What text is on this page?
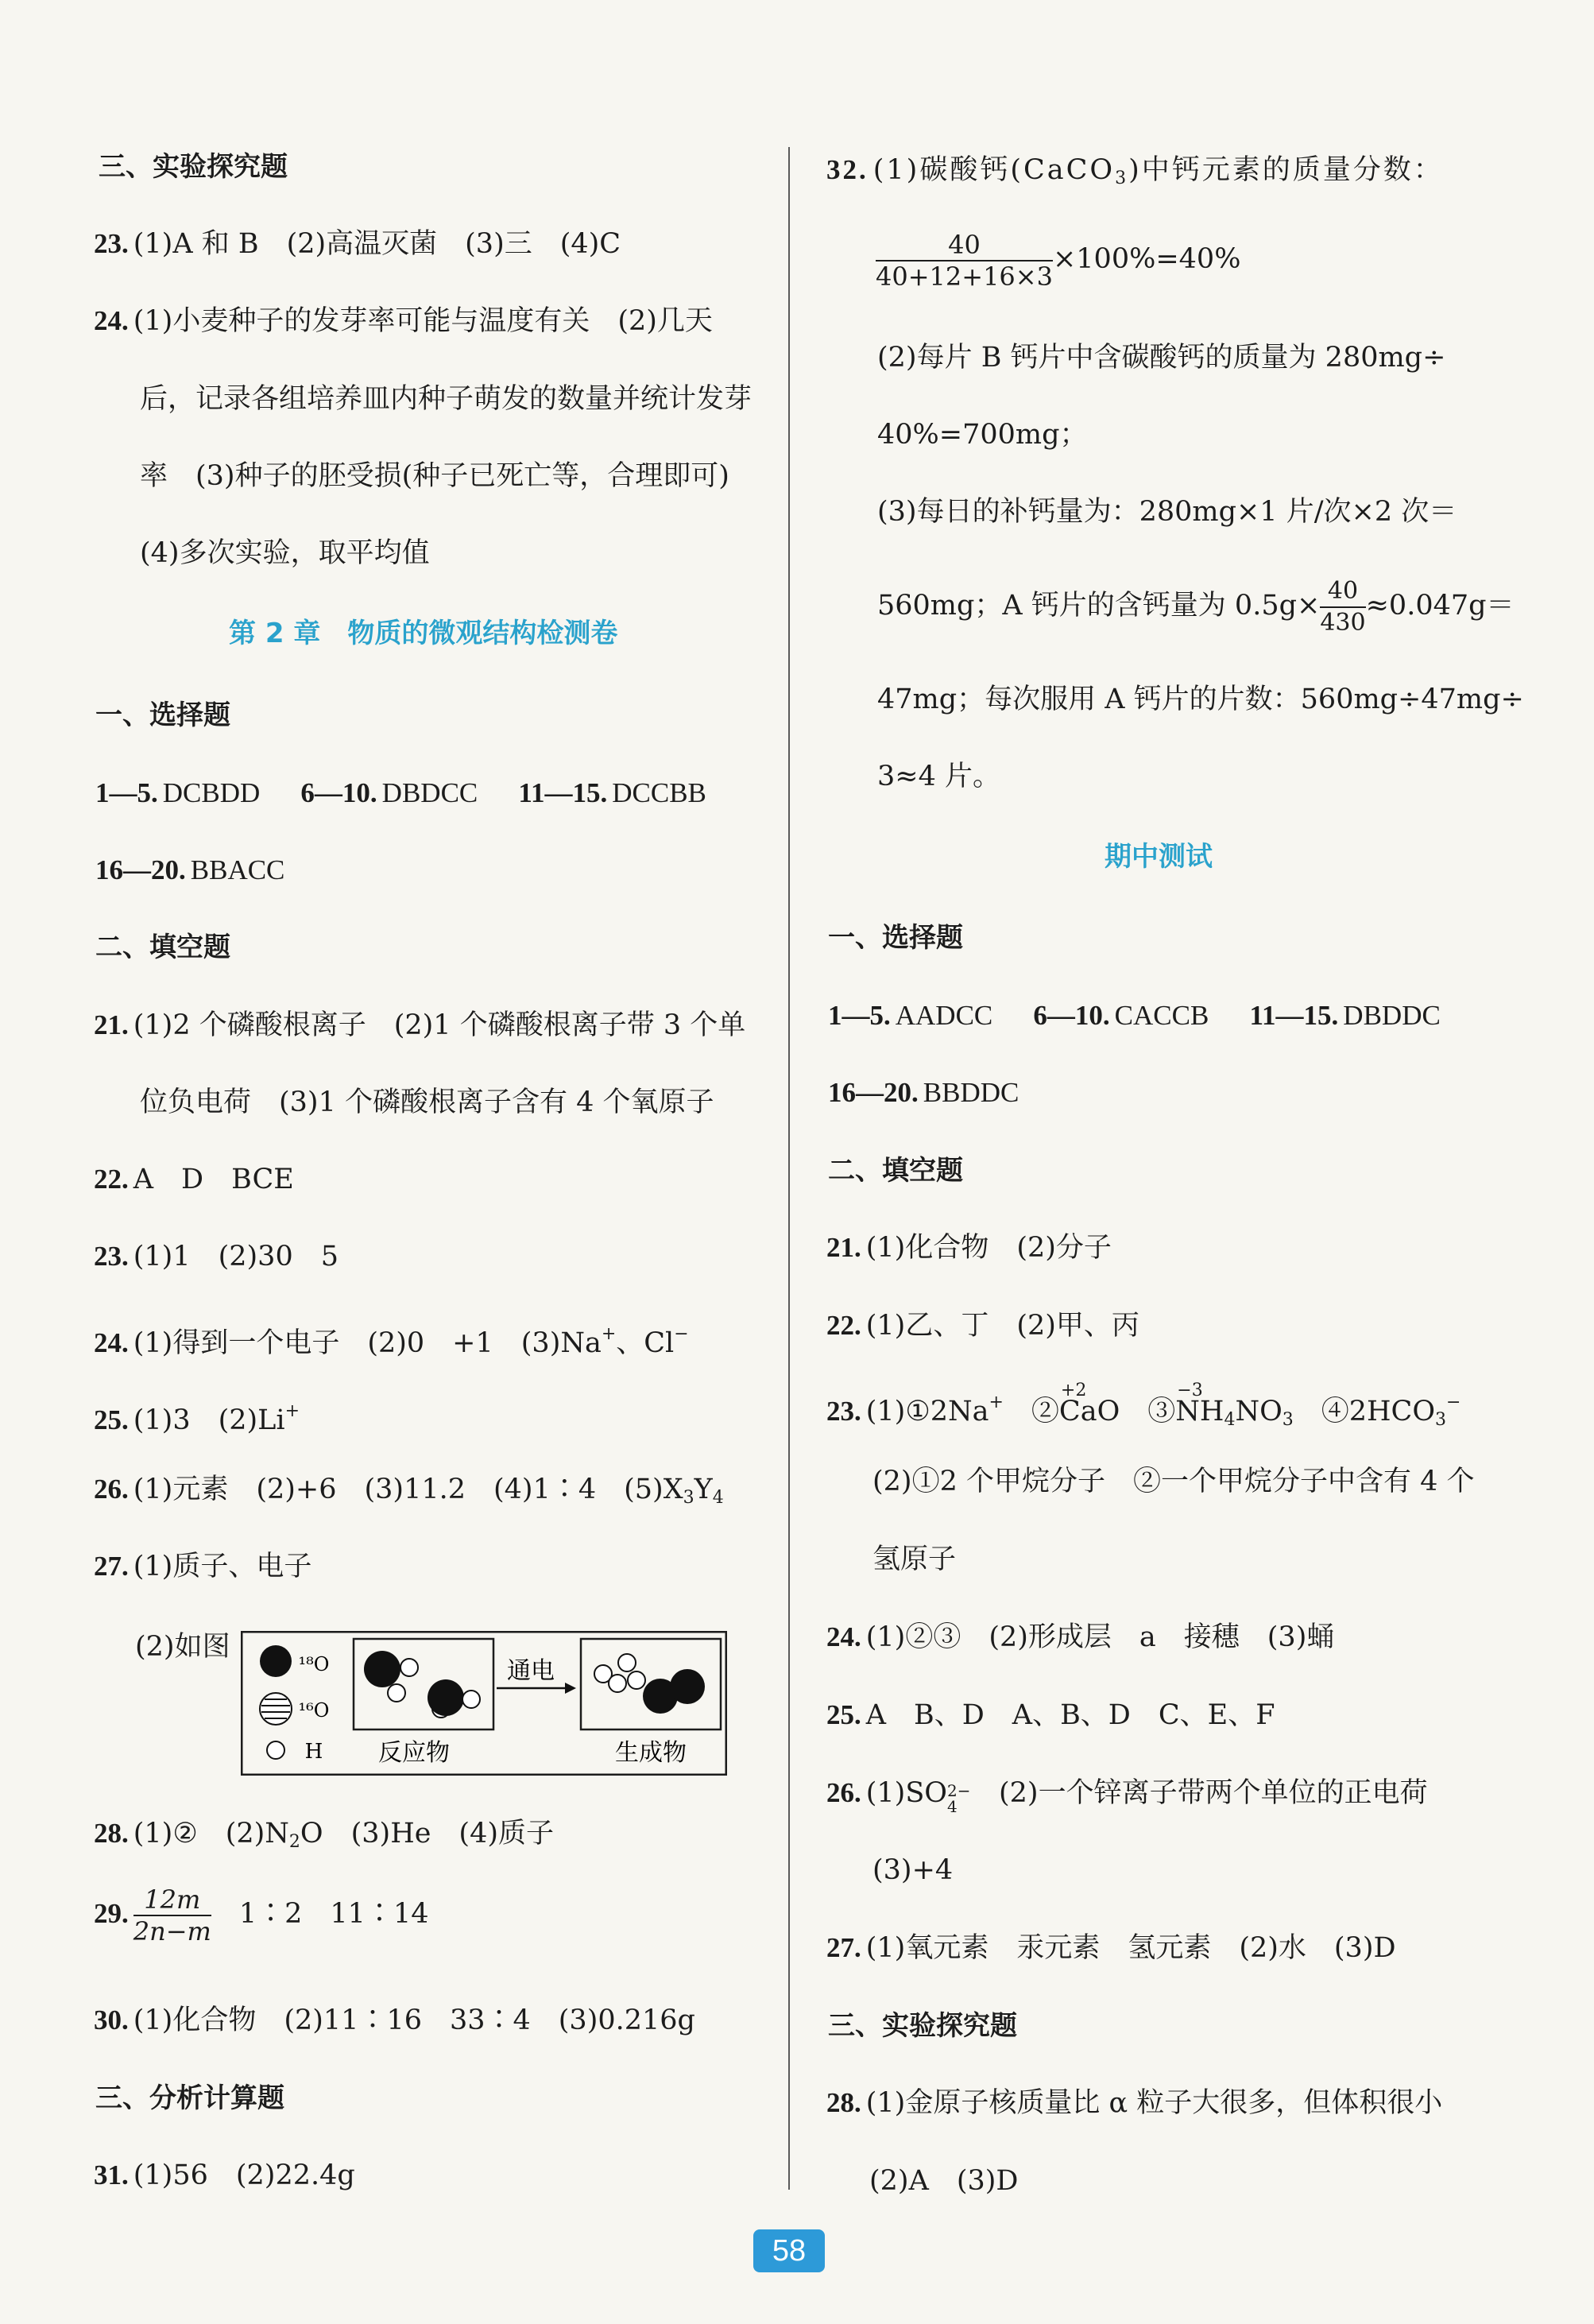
三、实验探究题
23. (1)A 和 B　(2)高温灭菌　(3)三　(4)C
24. (1)小麦种子的发芽率可能与温度有关　(2)几天
后，记录各组培养皿内种子萌发的数量并统计发芽
率　(3)种子的胚受损(种子已死亡等，合理即可)
(4)多次实验，取平均值
第 2 章　物质的微观结构检测卷
一、选择题
1—5. DCBDD 6—10. DBDCC 11—15. DCCBB
16—20. BBACC
二、填空题
21. (1)2 个磷酸根离子　(2)1 个磷酸根离子带 3 个单
位负电荷　(3)1 个磷酸根离子含有 4 个氧原子
22. A　D　BCE
23. (1)1　(2)30　5
24. (1)得到一个电子　(2)0　+1　(3)Na+、Cl−
25. (1)3　(2)Li+
26. (1)元素　(2)+6　(3)11.2　(4)1∶4　$(5)X_3Y_4$
27. (1)质子、电子
(2)如图
¹⁸O
¹⁶O
H 反应物
通电
生成物
28. (1)②　$(2)N_2O$　(3)He　(4)质子
29. $\frac{12m}{2n-m}$ 　1∶2　11∶14
30. (1)化合物　(2)11∶16　33∶4　(3)0.216g
三、分析计算题
31. (1)56　(2)22.4g
32. (1)碳酸钙(CaCO$_3$)中钙元素的质量分数：
$\frac{40}{40+12+16\times 3} \times 100\%=40\%$
(2)每片 B 钙片中含碳酸钙的质量为 280mg÷
40%=700mg；
(3)每日的补钙量为：280mg×1 片/次×2 次＝
560mg；A 钙片的含钙量为 $0.5g\times \frac{40}{430} \approx 0.047g=$
47mg；每次服用 A 钙片的片数：560mg÷47mg÷
3≈4 片。
期中测试
一、选择题
1—5. AADCC 6—10. CACCB 11—15. DBDDC
16—20. BBDDC
二、填空题
21. (1)化合物　(2)分子
22. (1)乙、丁　(2)甲、丙
23. (1)①2Na+　②
+2
CaO　③
−3
$NH_4NO_3$　$④2HCO_3^-$
(2)①2 个甲烷分子　②一个甲烷分子中含有 4 个
氢原子
24. (1)②③　(2)形成层　a　接穗　(3)蛹
25. A　B、D　A、B、D　C、E、F
26. (1)SO 2−
4 　(2)一个锌离子带两个单位的正电荷
(3)+4
27. (1)氧元素　汞元素　氢元素　(2)水　(3)D
三、实验探究题
28. (1)金原子核质量比 α 粒子大很多，但体积很小
(2)A　(3)D
58
